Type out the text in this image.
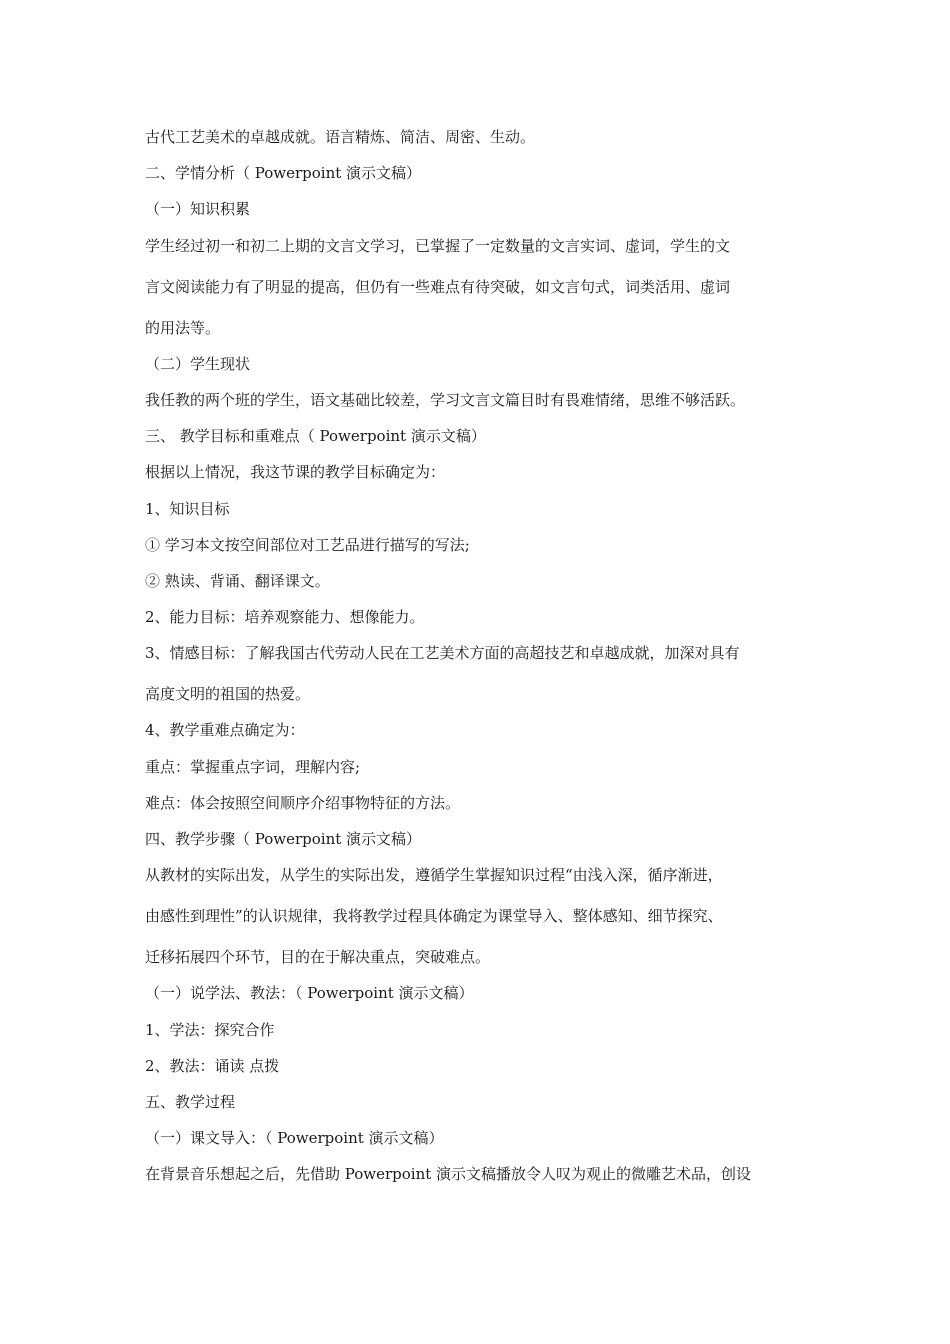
古代工艺美术的卓越成就。语言精炼、简洁、周密、生动。
二、学情分析（ Powerpoint 演示文稿）
（一）知识积累
学生经过初一和初二上期的文言文学习，已掌握了一定数量的文言实词、虚词，学生的文
言文阅读能力有了明显的提高，但仍有一些难点有待突破，如文言句式，词类活用、虚词
的用法等。
（二）学生现状
我任教的两个班的学生，语文基础比较差，学习文言文篇目时有畏难情绪，思维不够活跃。
三、 教学目标和重难点（ Powerpoint 演示文稿）
根据以上情况，我这节课的教学目标确定为：
1、知识目标
① 学习本文按空间部位对工艺品进行描写的写法;
② 熟读、背诵、翻译课文。
2、能力目标：培养观察能力、想像能力。
3、情感目标：了解我国古代劳动人民在工艺美术方面的高超技艺和卓越成就，加深对具有
高度文明的祖国的热爱。
4、教学重难点确定为：
重点：掌握重点字词，理解内容;
难点：体会按照空间顺序介绍事物特征的方法。
四、教学步骤（ Powerpoint 演示文稿）
从教材的实际出发，从学生的实际出发，遵循学生掌握知识过程“由浅入深，循序渐进，
由感性到理性”的认识规律，我将教学过程具体确定为课堂导入、整体感知、细节探究、
迁移拓展四个环节，目的在于解决重点，突破难点。
（一）说学法、教法：（ Powerpoint 演示文稿）
1、学法：探究合作
2、教法：诵读 点拨
五、教学过程
（一）课文导入：（ Powerpoint 演示文稿）
在背景音乐想起之后，先借助 Powerpoint 演示文稿播放令人叹为观止的微雕艺术品，创设
